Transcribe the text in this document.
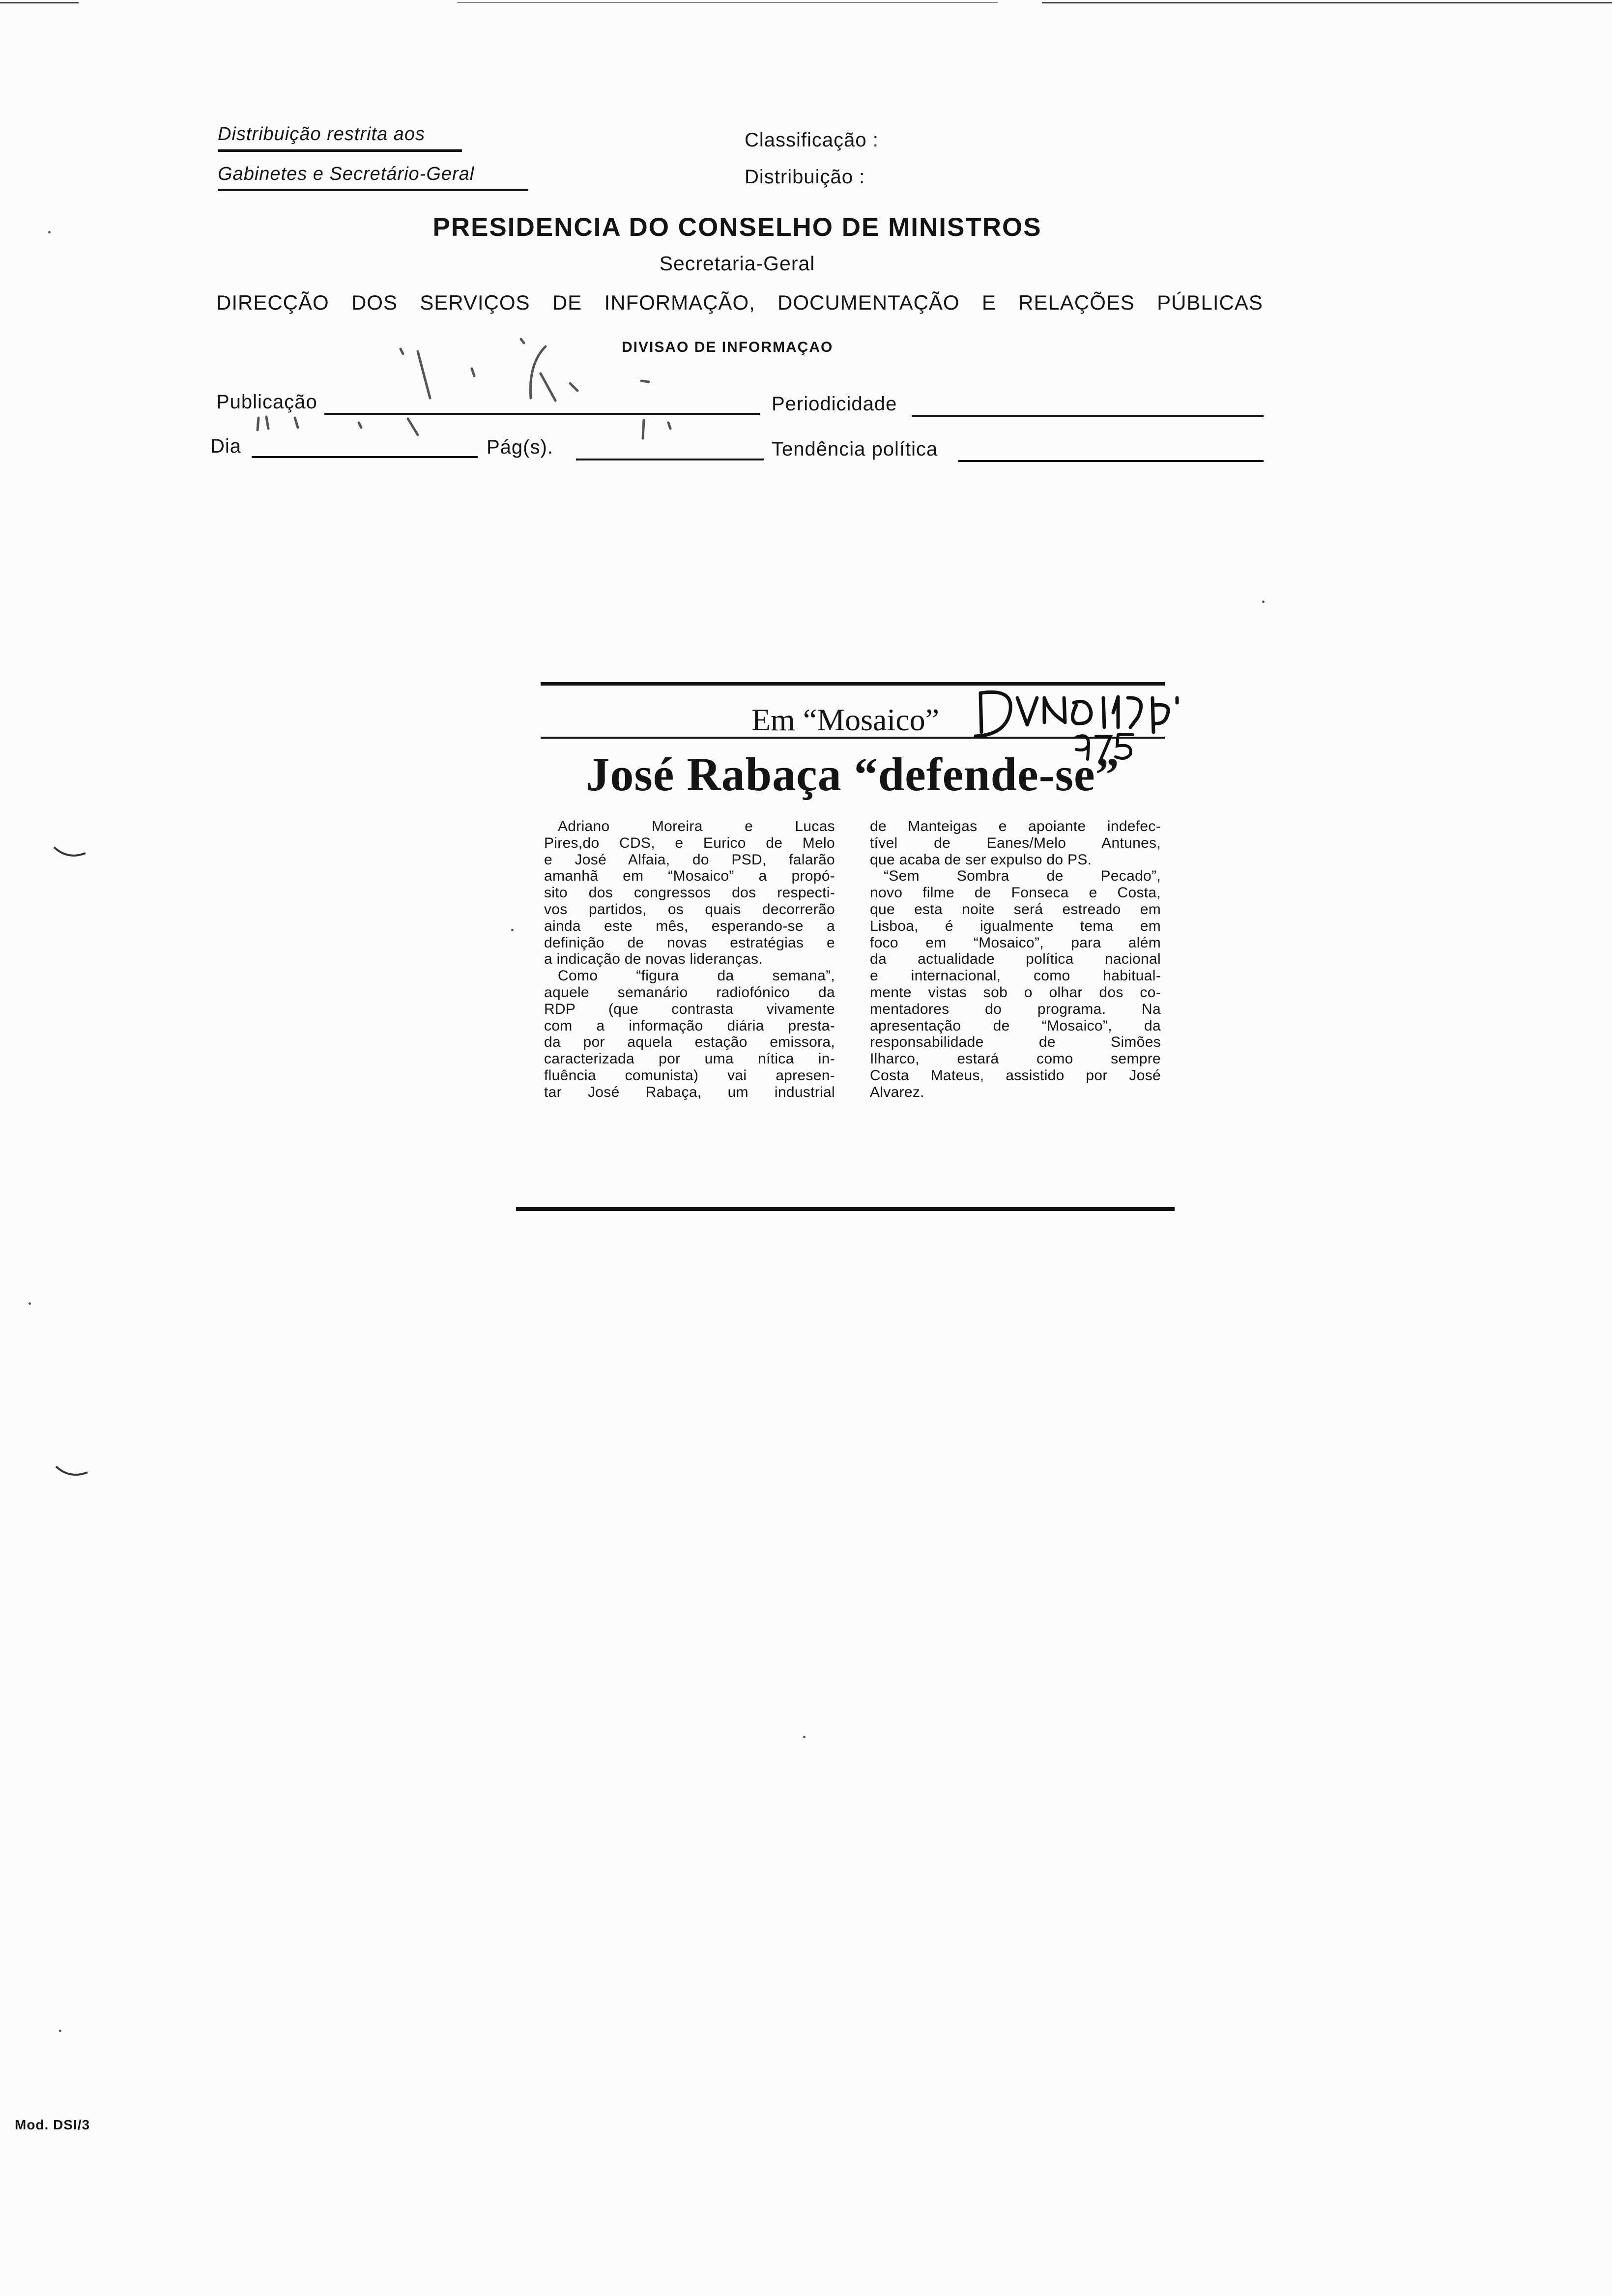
Distribuição restrita aos
Gabinetes e Secretário-Geral
Classificação :
Distribuição :
PRESIDENCIA DO CONSELHO DE MINISTROS
Secretaria-Geral
DIRECÇÃO DOS SERVIÇOS DE INFORMAÇÃO, DOCUMENTAÇÃO E RELAÇÕES PÚBLICAS
DIVISAO DE INFORMAÇAO
Publicação	Periodicidade
Dia	Pág(s).	Tendência política
Em “Mosaico”
José Rabaça “defende-se”

Adriano Moreira e Lucas

Pires,do CDS, e Eurico de Melo

e José Alfaia, do PSD, falarão

amanhã em “Mosaico” a propó-

sito dos congressos dos respecti-

vos partidos, os quais decorrerão

ainda este mês, esperando-se a

definição de novas estratégias e

a indicação de novas lideranças.

Como “figura da semana”,

aquele semanário radiofónico da

RDP (que contrasta vivamente

com a informação diária presta-

da por aquela estação emissora,

caracterizada por uma nítica in-

fluência comunista) vai apresen-

tar José Rabaça, um industrial

de Manteigas e apoiante indefec-

tível de Eanes/Melo Antunes,

que acaba de ser expulso do PS.

“Sem Sombra de Pecado”,

novo filme de Fonseca e Costa,

que esta noite será estreado em

Lisboa, é igualmente tema em

foco em “Mosaico”, para além

da actualidade política nacional

e internacional, como habitual-

mente vistas sob o olhar dos co-

mentadores do programa. Na

apresentação de “Mosaico”, da

responsabilidade de Simões

Ilharco, estará como sempre

Costa Mateus, assistido por José

Alvarez.

Mod. DSI/3
